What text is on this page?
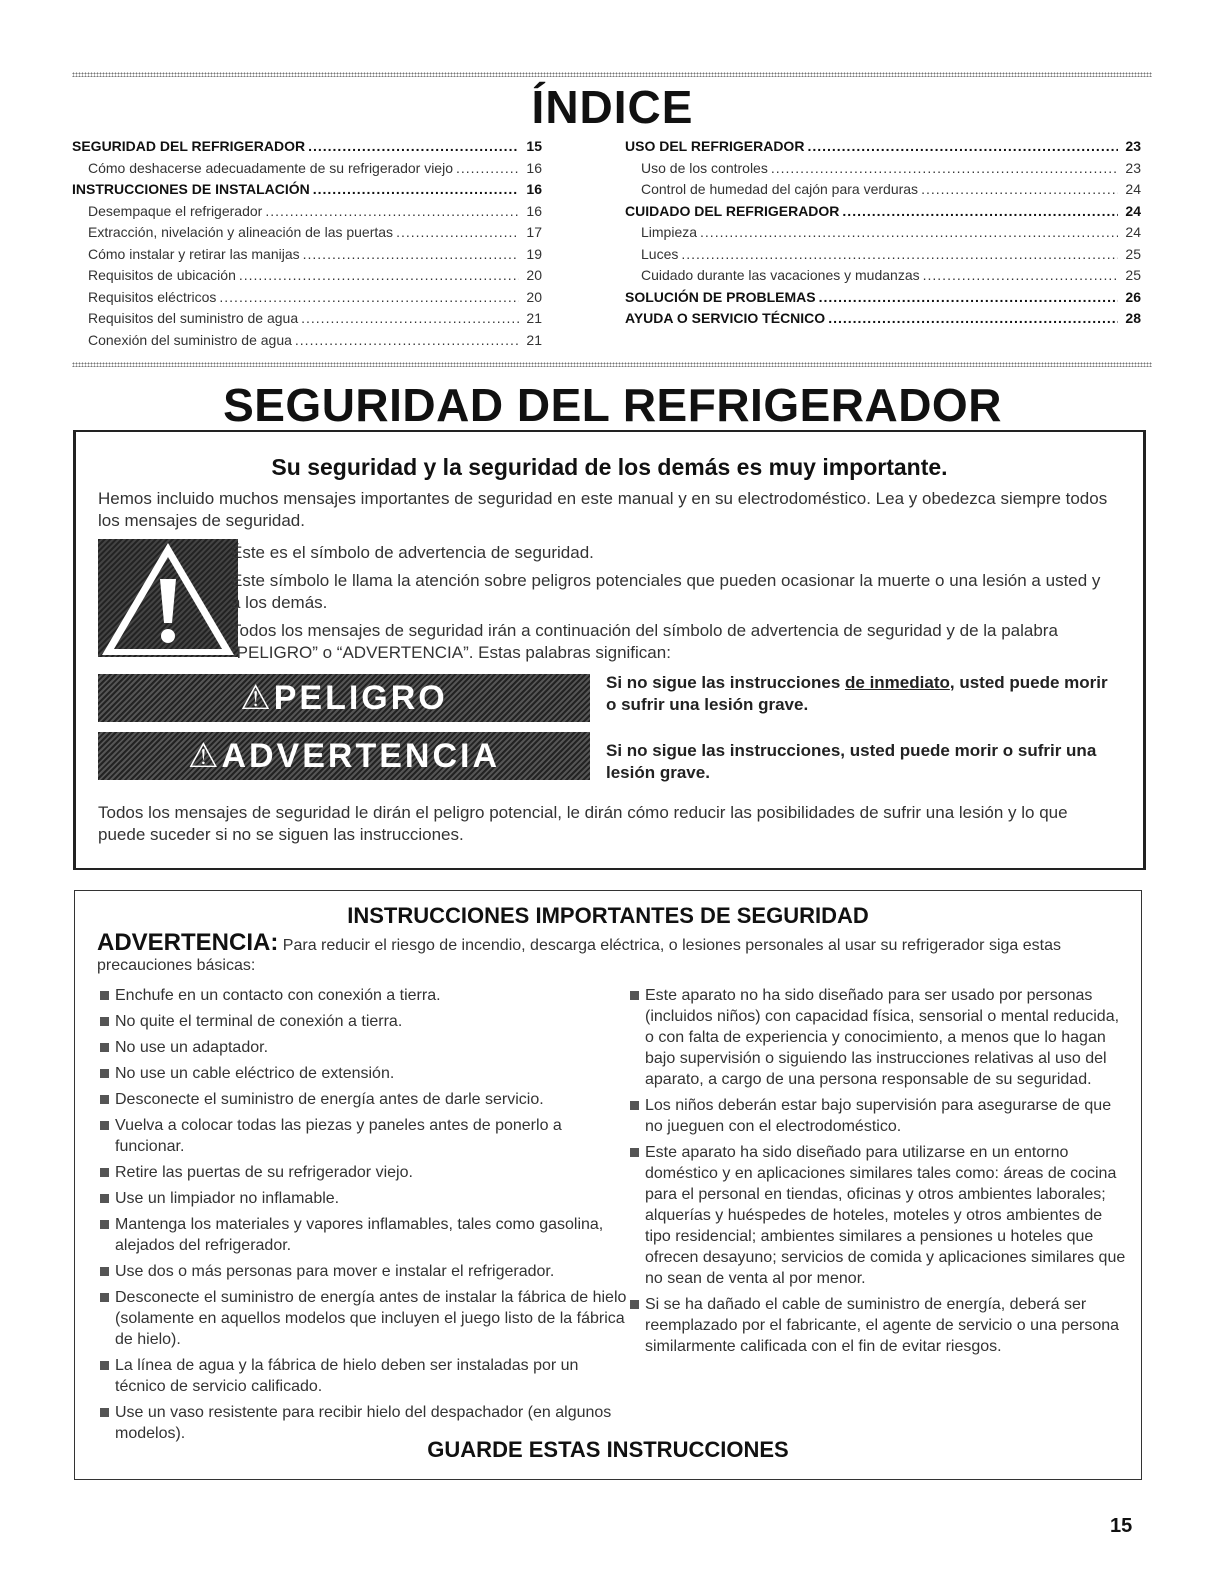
ÍNDICE
SEGURIDAD DEL REFRIGERADOR .....	15
Cómo deshacerse adecuadamente de su refrigerador viejo .....	16
INSTRUCCIONES DE INSTALACIÓN .....	16
Desempaque el refrigerador .....	16
Extracción, nivelación y alineación de las puertas .....	17
Cómo instalar y retirar las manijas .....	19
Requisitos de ubicación .....	20
Requisitos eléctricos .....	20
Requisitos del suministro de agua .....	21
Conexión del suministro de agua .....	21
USO DEL REFRIGERADOR .....	23
Uso de los controles .....	23
Control de humedad del cajón para verduras .....	24
CUIDADO DEL REFRIGERADOR .....	24
Limpieza .....	24
Luces .....	25
Cuidado durante las vacaciones y mudanzas .....	25
SOLUCIÓN DE PROBLEMAS .....	26
AYUDA O SERVICIO TÉCNICO .....	28
SEGURIDAD DEL REFRIGERADOR
Su seguridad y la seguridad de los demás es muy importante.
Hemos incluido muchos mensajes importantes de seguridad en este manual y en su electrodoméstico. Lea y obedezca siempre todos los mensajes de seguridad.

Éste es el símbolo de advertencia de seguridad.

Este símbolo le llama la atención sobre peligros potenciales que pueden ocasionar la muerte o una lesión a usted y a los demás.

Todos los mensajes de seguridad irán a continuación del símbolo de advertencia de seguridad y de la palabra “PELIGRO” o “ADVERTENCIA”. Estas palabras significan:

⚠PELIGRO	Si no sigue las instrucciones de inmediato, usted puede morir o sufrir una lesión grave.
⚠ADVERTENCIA	Si no sigue las instrucciones, usted puede morir o sufrir una lesión grave.
Todos los mensajes de seguridad le dirán el peligro potencial, le dirán cómo reducir las posibilidades de sufrir una lesión y lo que puede suceder si no se siguen las instrucciones.
INSTRUCCIONES IMPORTANTES DE SEGURIDAD
ADVERTENCIA: Para reducir el riesgo de incendio, descarga eléctrica, o lesiones personales al usar su refrigerador siga estas precauciones básicas:
Enchufe en un contacto con conexión a tierra.
No quite el terminal de conexión a tierra.
No use un adaptador.
No use un cable eléctrico de extensión.
Desconecte el suministro de energía antes de darle servicio.
Vuelva a colocar todas las piezas y paneles antes de ponerlo a funcionar.
Retire las puertas de su refrigerador viejo.
Use un limpiador no inflamable.
Mantenga los materiales y vapores inflamables, tales como gasolina, alejados del refrigerador.
Use dos o más personas para mover e instalar el refrigerador.
Desconecte el suministro de energía antes de instalar la fábrica de hielo (solamente en aquellos modelos que incluyen el juego listo de la fábrica de hielo).
La línea de agua y la fábrica de hielo deben ser instaladas por un técnico de servicio calificado.
Use un vaso resistente para recibir hielo del despachador (en algunos modelos).
Este aparato no ha sido diseñado para ser usado por personas (incluidos niños) con capacidad física, sensorial o mental reducida, o con falta de experiencia y conocimiento, a menos que lo hagan bajo supervisión o siguiendo las instrucciones relativas al uso del aparato, a cargo de una persona responsable de su seguridad.
Los niños deberán estar bajo supervisión para asegurarse de que no jueguen con el electrodoméstico.
Este aparato ha sido diseñado para utilizarse en un entorno doméstico y en aplicaciones similares tales como: áreas de cocina para el personal en tiendas, oficinas y otros ambientes laborales; alquerías y huéspedes de hoteles, moteles y otros ambientes de tipo residencial; ambientes similares a pensiones u hoteles que ofrecen desayuno; servicios de comida y aplicaciones similares que no sean de venta al por menor.
Si se ha dañado el cable de suministro de energía, deberá ser reemplazado por el fabricante, el agente de servicio o una persona similarmente calificada con el fin de evitar riesgos.
GUARDE ESTAS INSTRUCCIONES
15
